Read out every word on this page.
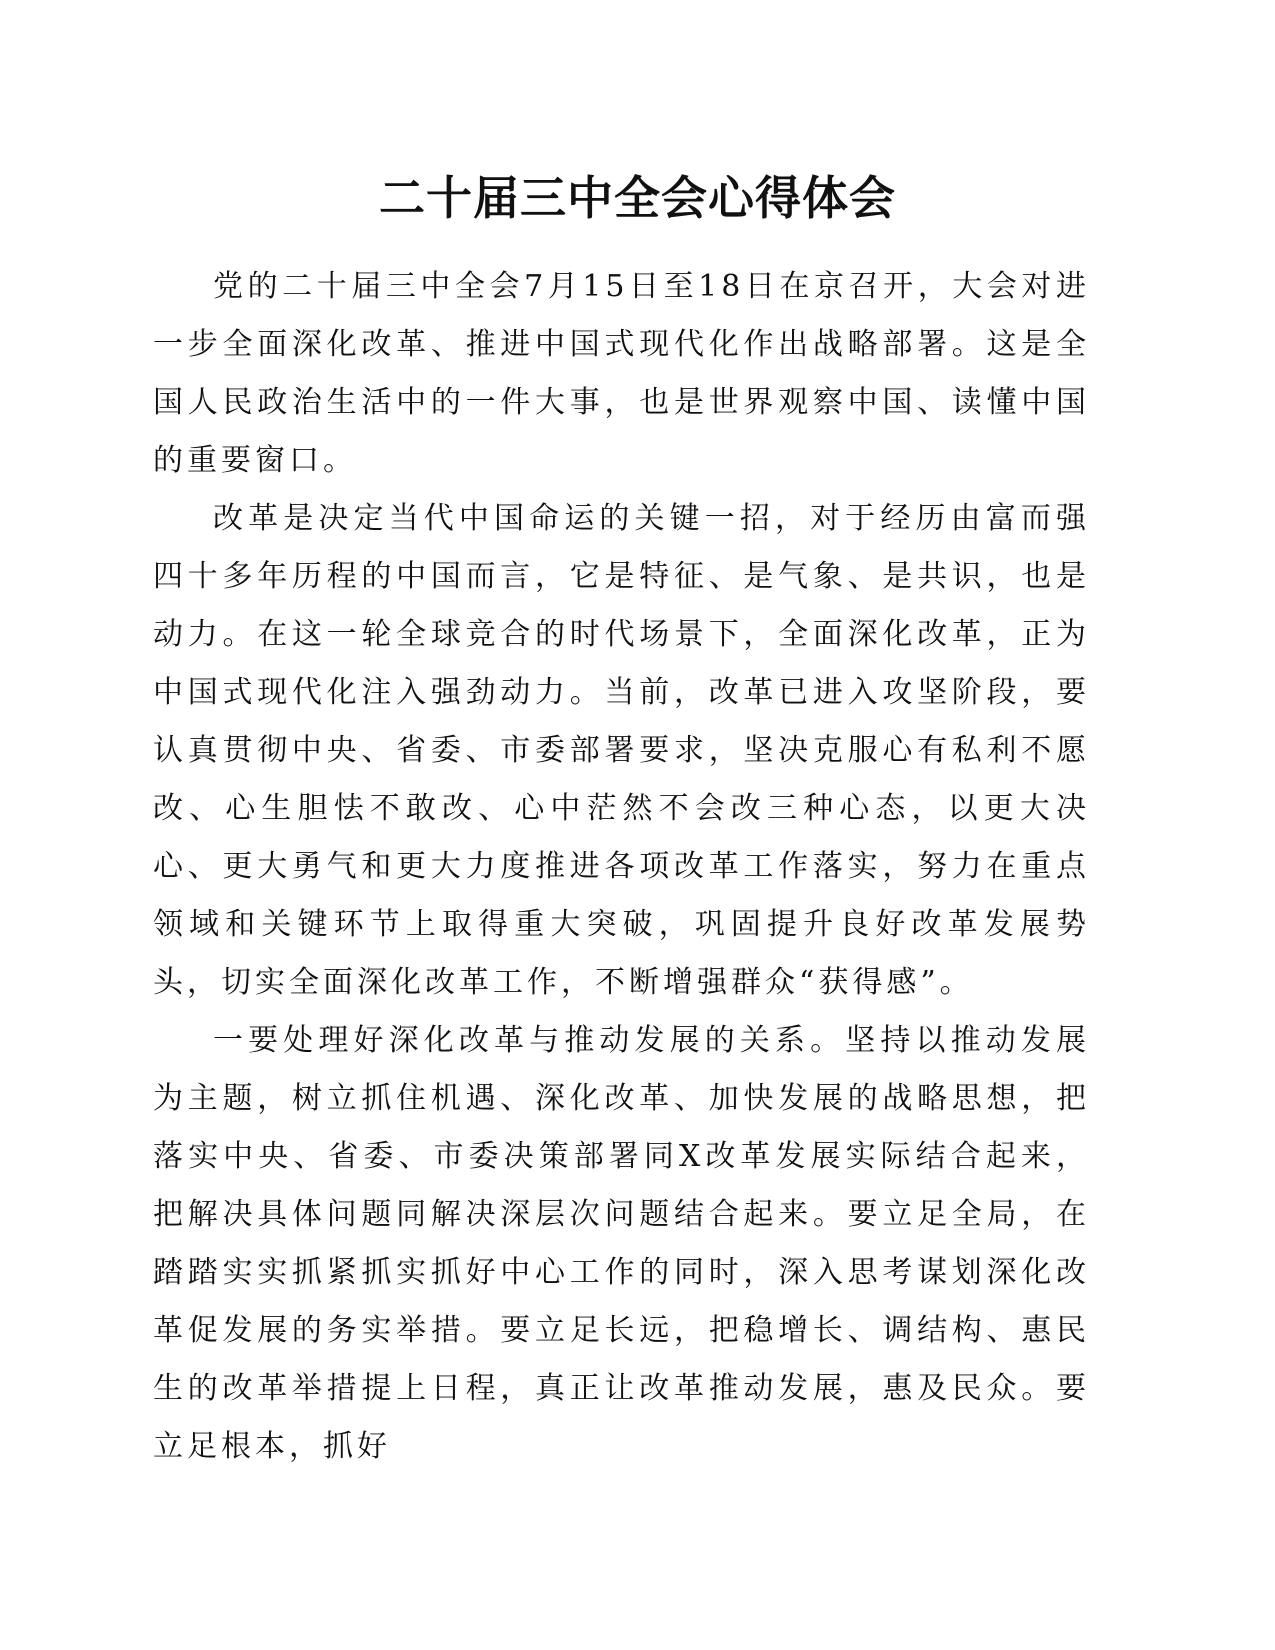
二十届三中全会心得体会

党的二十届三中全会7月15日至18日在京召开，大会对进一步全面深化改革、推进中国式现代化作出战略部署。这是全国人民政治生活中的一件大事，也是世界观察中国、读懂中国的重要窗口。

改革是决定当代中国命运的关键一招，对于经历由富而强四十多年历程的中国而言，它是特征、是气象、是共识，也是动力。在这一轮全球竞合的时代场景下，全面深化改革，正为中国式现代化注入强劲动力。当前，改革已进入攻坚阶段，要认真贯彻中央、省委、市委部署要求，坚决克服心有私利不愿改、心生胆怯不敢改、心中茫然不会改三种心态，以更大决心、更大勇气和更大力度推进各项改革工作落实，努力在重点领域和关键环节上取得重大突破，巩固提升良好改革发展势头，切实全面深化改革工作，不断增强群众“获得感”。

一要处理好深化改革与推动发展的关系。坚持以推动发展为主题，树立抓住机遇、深化改革、加快发展的战略思想，把落实中央、省委、市委决策部署同X改革发展实际结合起来，把解决具体问题同解决深层次问题结合起来。要立足全局，在踏踏实实抓紧抓实抓好中心工作的同时，深入思考谋划深化改革促发展的务实举措。要立足长远，把稳增长、调结构、惠民生的改革举措提上日程，真正让改革推动发展，惠及民众。要立足根本，抓好
